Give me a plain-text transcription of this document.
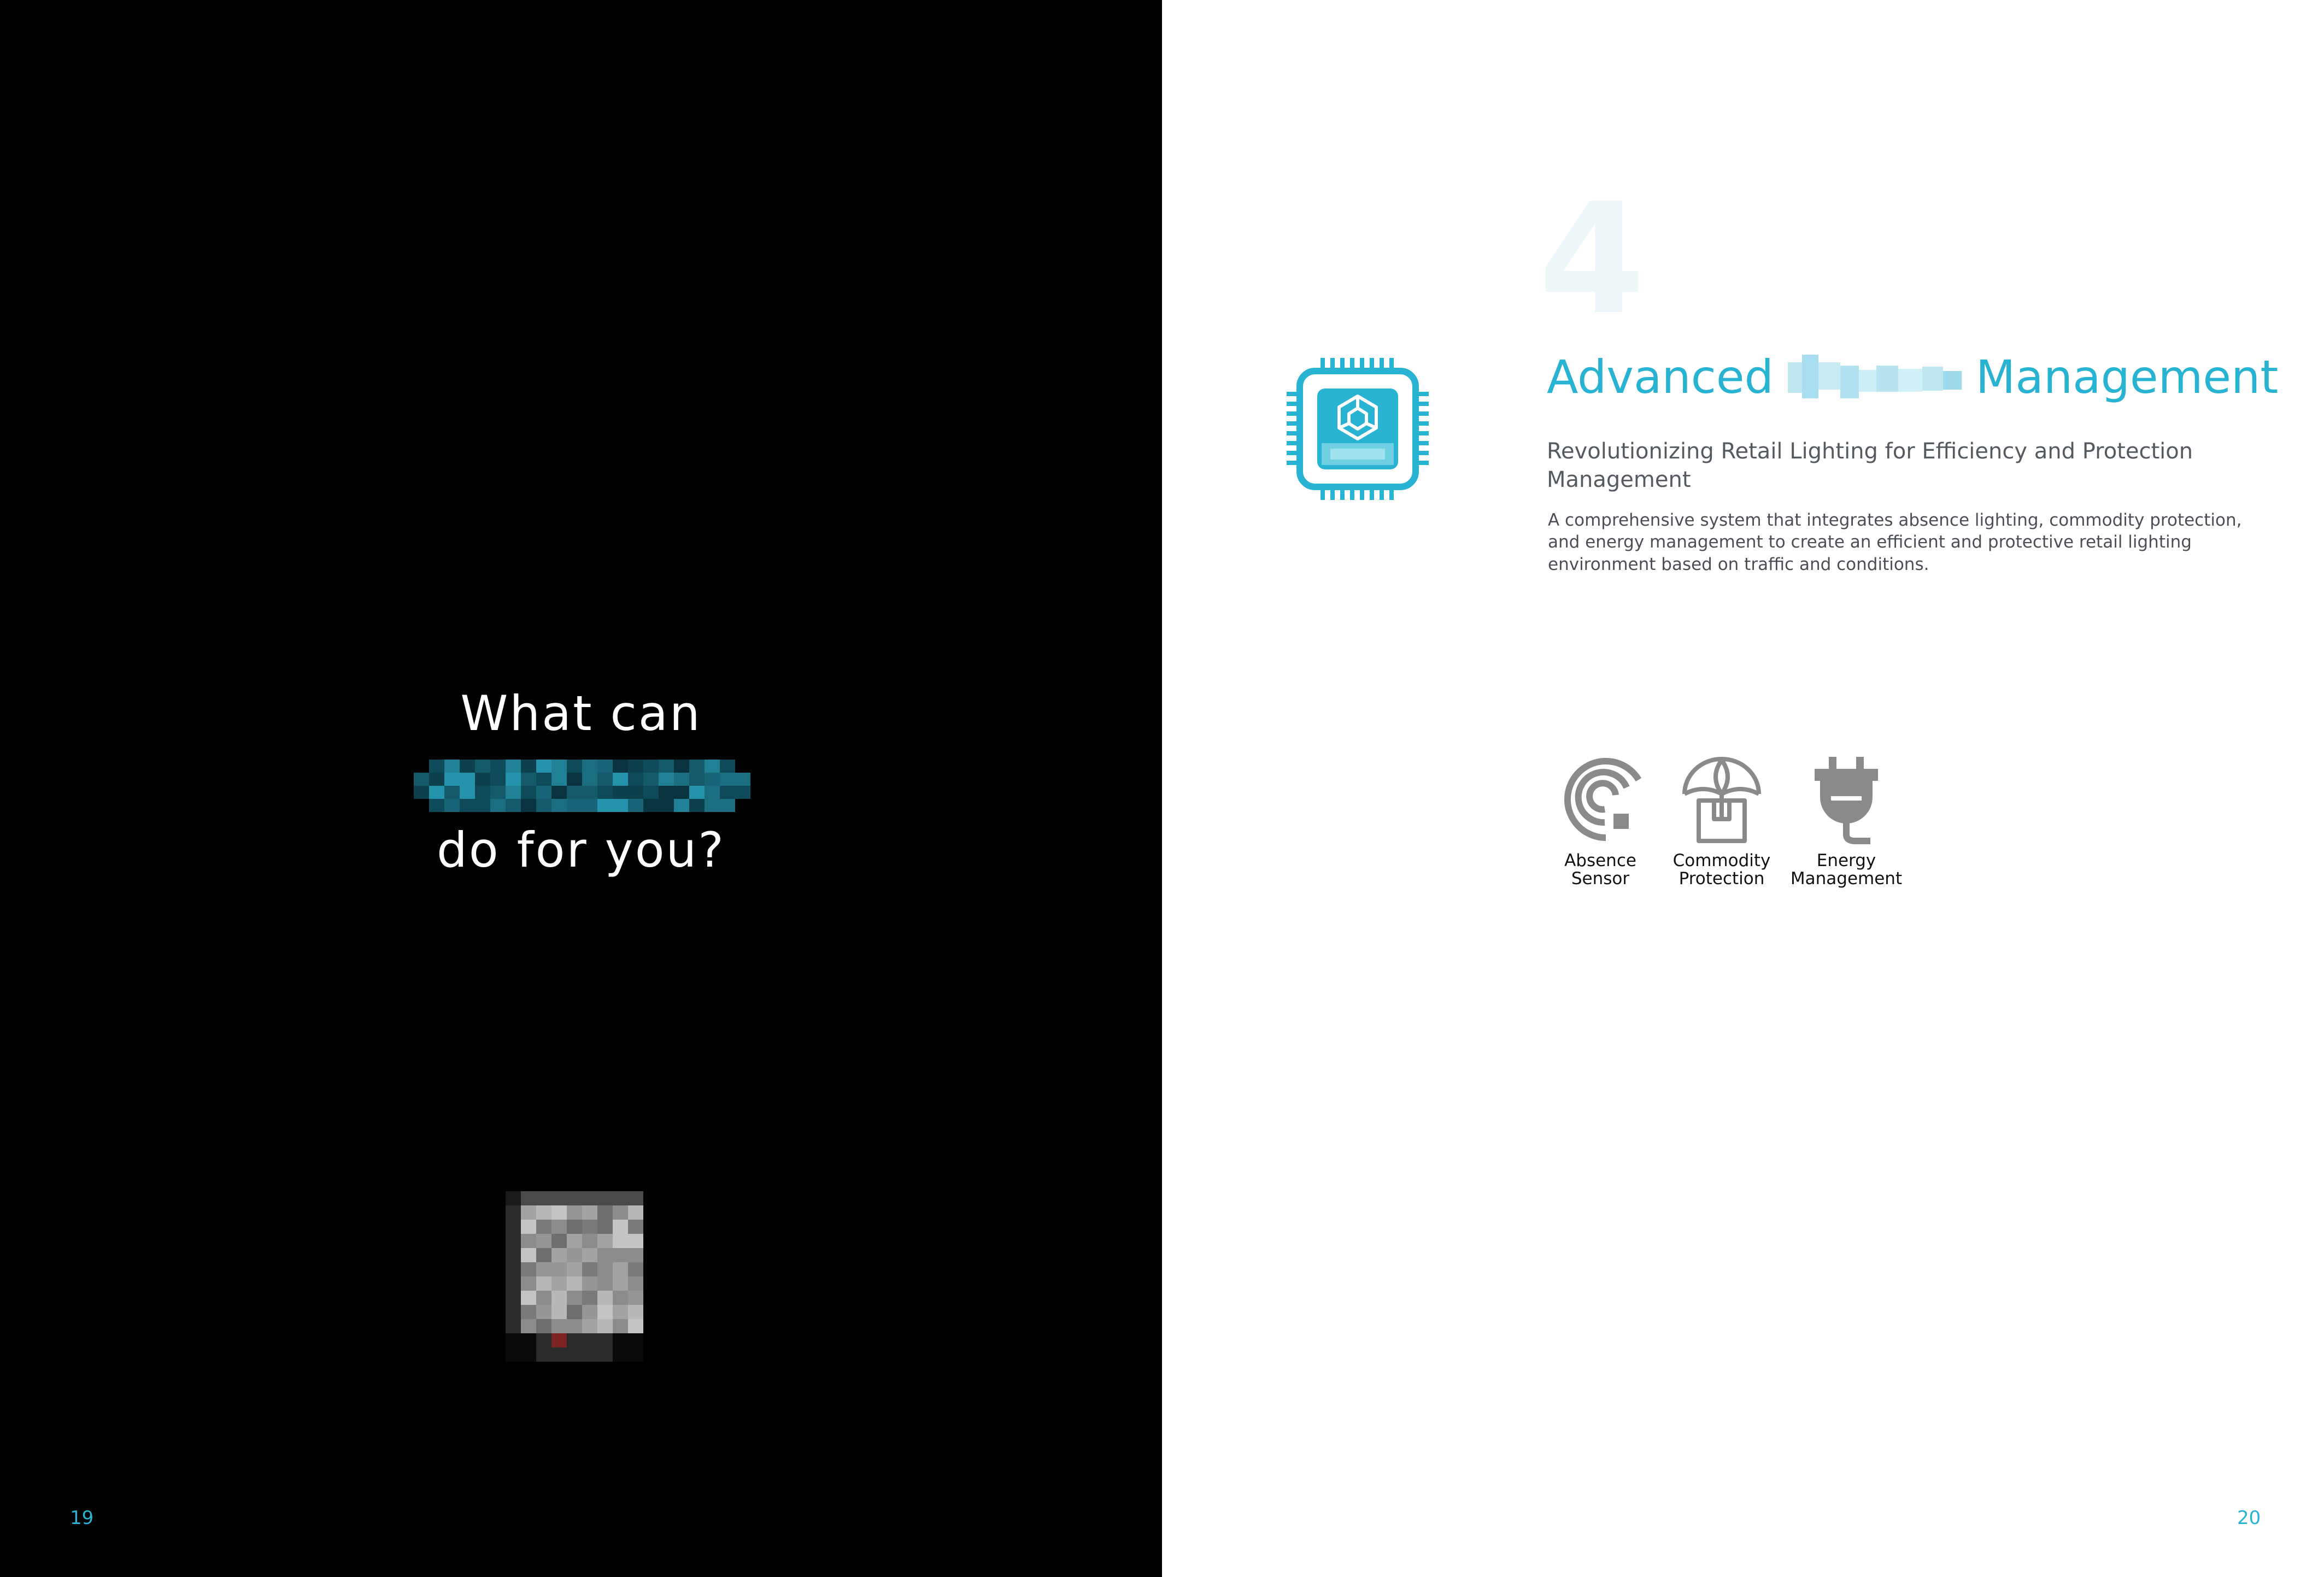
What can
do for you?
19
4
Advanced	Management
Revolutionizing Retail Lighting for Efficiency and Protection Management
A comprehensive system that integrates absence lighting, commodity protection, and energy management to create an efficient and protective retail lighting environment based on traffic and conditions.
Absence
Sensor
Commodity
Protection
Energy
Management
20
